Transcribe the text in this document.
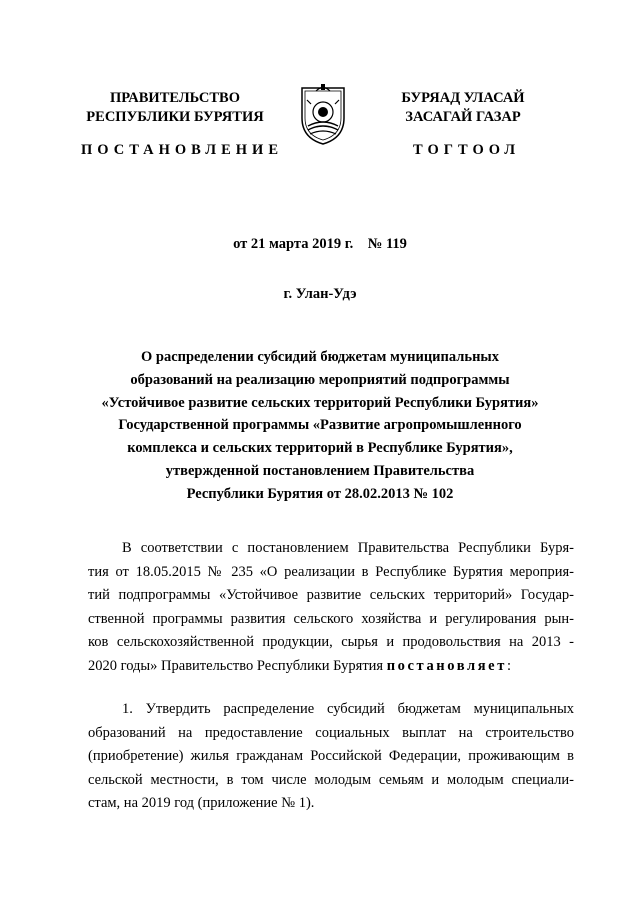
ПРАВИТЕЛЬСТВО
РЕСПУБЛИКИ БУРЯТИЯ
БУРЯАД УЛАСАЙ
ЗАСАГАЙ ГАЗАР
ПОСТАНОВЛЕНИЕ	ТОГТООЛ
от 21 марта 2019 г.    № 119
г. Улан-Удэ
О распределении субсидий бюджетам муниципальных
образований на реализацию мероприятий подпрограммы
«Устойчивое развитие сельских территорий Республики Бурятия»
Государственной программы «Развитие агропромышленного
комплекса и сельских территорий в Республике Бурятия»,
утвержденной постановлением Правительства
Республики Бурятия от 28.02.2013 № 102
В соответствии с постановлением Правительства Республики Буря-
тия от 18.05.2015 № 235 «О реализации в Республике Бурятия мероприя-
тий подпрограммы «Устойчивое развитие сельских территорий» Государ-
ственной программы развития сельского хозяйства и регулирования рын-
ков сельскохозяйственной продукции, сырья и продовольствия на 2013 -
2020 годы» Правительство Республики Бурятия постановляет:
1. Утвердить распределение субсидий бюджетам муниципальных
образований на предоставление социальных выплат на строительство
(приобретение) жилья гражданам Российской Федерации, проживающим в
сельской местности, в том числе молодым семьям и молодым специали-
стам, на 2019 год (приложение № 1).
